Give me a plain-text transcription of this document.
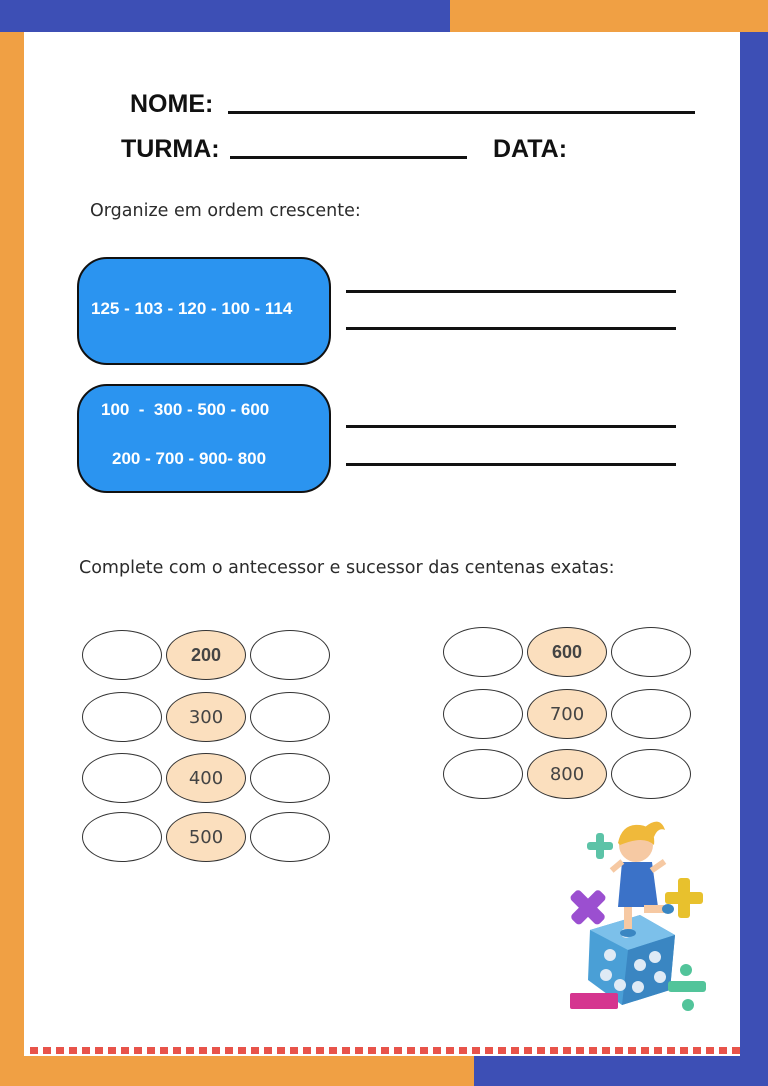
NOME:
TURMA:	DATA:
Organize em ordem crescente:
125 - 103 - 120 - 100 - 114
100  -  300 - 500 - 600
200 - 700 - 900- 800
Complete com o antecessor e sucessor das centenas exatas:
200
300
400
500
600
700
800
